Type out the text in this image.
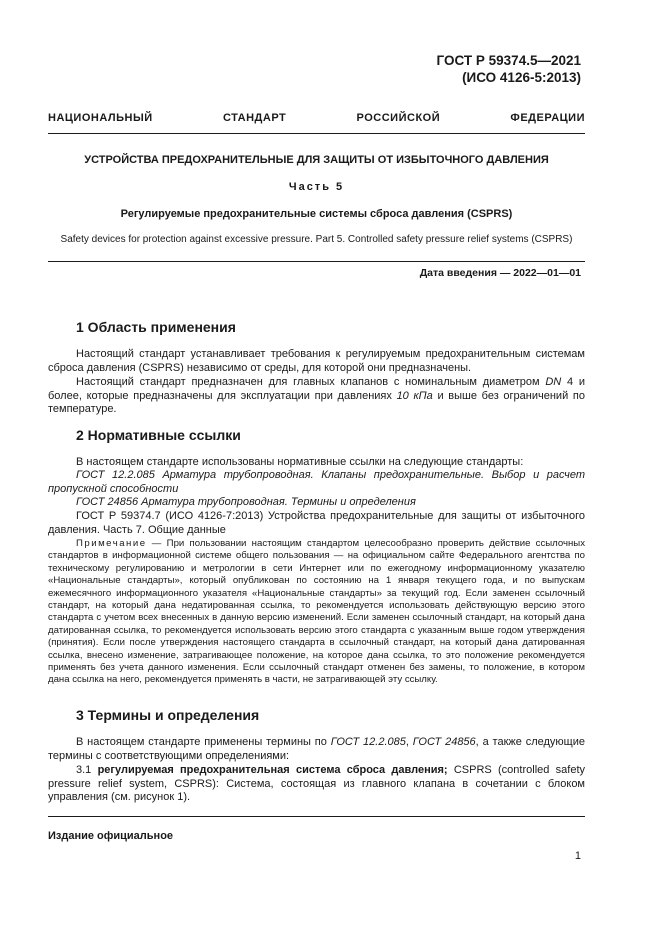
ГОСТ Р 59374.5—2021
(ИСО 4126-5:2013)
НАЦИОНАЛЬНЫЙ СТАНДАРТ РОССИЙСКОЙ ФЕДЕРАЦИИ
УСТРОЙСТВА ПРЕДОХРАНИТЕЛЬНЫЕ ДЛЯ ЗАЩИТЫ ОТ ИЗБЫТОЧНОГО ДАВЛЕНИЯ
Часть 5
Регулируемые предохранительные системы сброса давления (CSPRS)
Safety devices for protection against excessive pressure. Part 5. Controlled safety pressure relief systems (CSPRS)
Дата введения — 2022—01—01
1 Область применения
Настоящий стандарт устанавливает требования к регулируемым предохранительным системам сброса давления (CSPRS) независимо от среды, для которой они предназначены.
Настоящий стандарт предназначен для главных клапанов с номинальным диаметром DN 4 и более, которые предназначены для эксплуатации при давлениях 10 кПа и выше без ограничений по температуре.
2 Нормативные ссылки
В настоящем стандарте использованы нормативные ссылки на следующие стандарты:
ГОСТ 12.2.085 Арматура трубопроводная. Клапаны предохранительные. Выбор и расчет пропускной способности
ГОСТ 24856 Арматура трубопроводная. Термины и определения
ГОСТ Р 59374.7 (ИСО 4126-7:2013) Устройства предохранительные для защиты от избыточного давления. Часть 7. Общие данные
Примечание — При пользовании настоящим стандартом целесообразно проверить действие ссылочных стандартов в информационной системе общего пользования — на официальном сайте Федерального агентства по техническому регулированию и метрологии в сети Интернет или по ежегодному информационному указателю «Национальные стандарты», который опубликован по состоянию на 1 января текущего года, и по выпускам ежемесячного информационного указателя «Национальные стандарты» за текущий год. Если заменен ссылочный стандарт, на который дана недатированная ссылка, то рекомендуется использовать действующую версию этого стандарта с учетом всех внесенных в данную версию изменений. Если заменен ссылочный стандарт, на который дана датированная ссылка, то рекомендуется использовать версию этого стандарта с указанным выше годом утверждения (принятия). Если после утверждения настоящего стандарта в ссылочный стандарт, на который дана датированная ссылка, внесено изменение, затрагивающее положение, на которое дана ссылка, то это положение рекомендуется применять без учета данного изменения. Если ссылочный стандарт отменен без замены, то положение, в котором дана ссылка на него, рекомендуется применять в части, не затрагивающей эту ссылку.
3 Термины и определения
В настоящем стандарте применены термины по ГОСТ 12.2.085, ГОСТ 24856, а также следующие термины с соответствующими определениями:
3.1 регулируемая предохранительная система сброса давления; CSPRS (controlled safety pressure relief system, CSPRS): Система, состоящая из главного клапана в сочетании с блоком управления (см. рисунок 1).
Издание официальное
1
